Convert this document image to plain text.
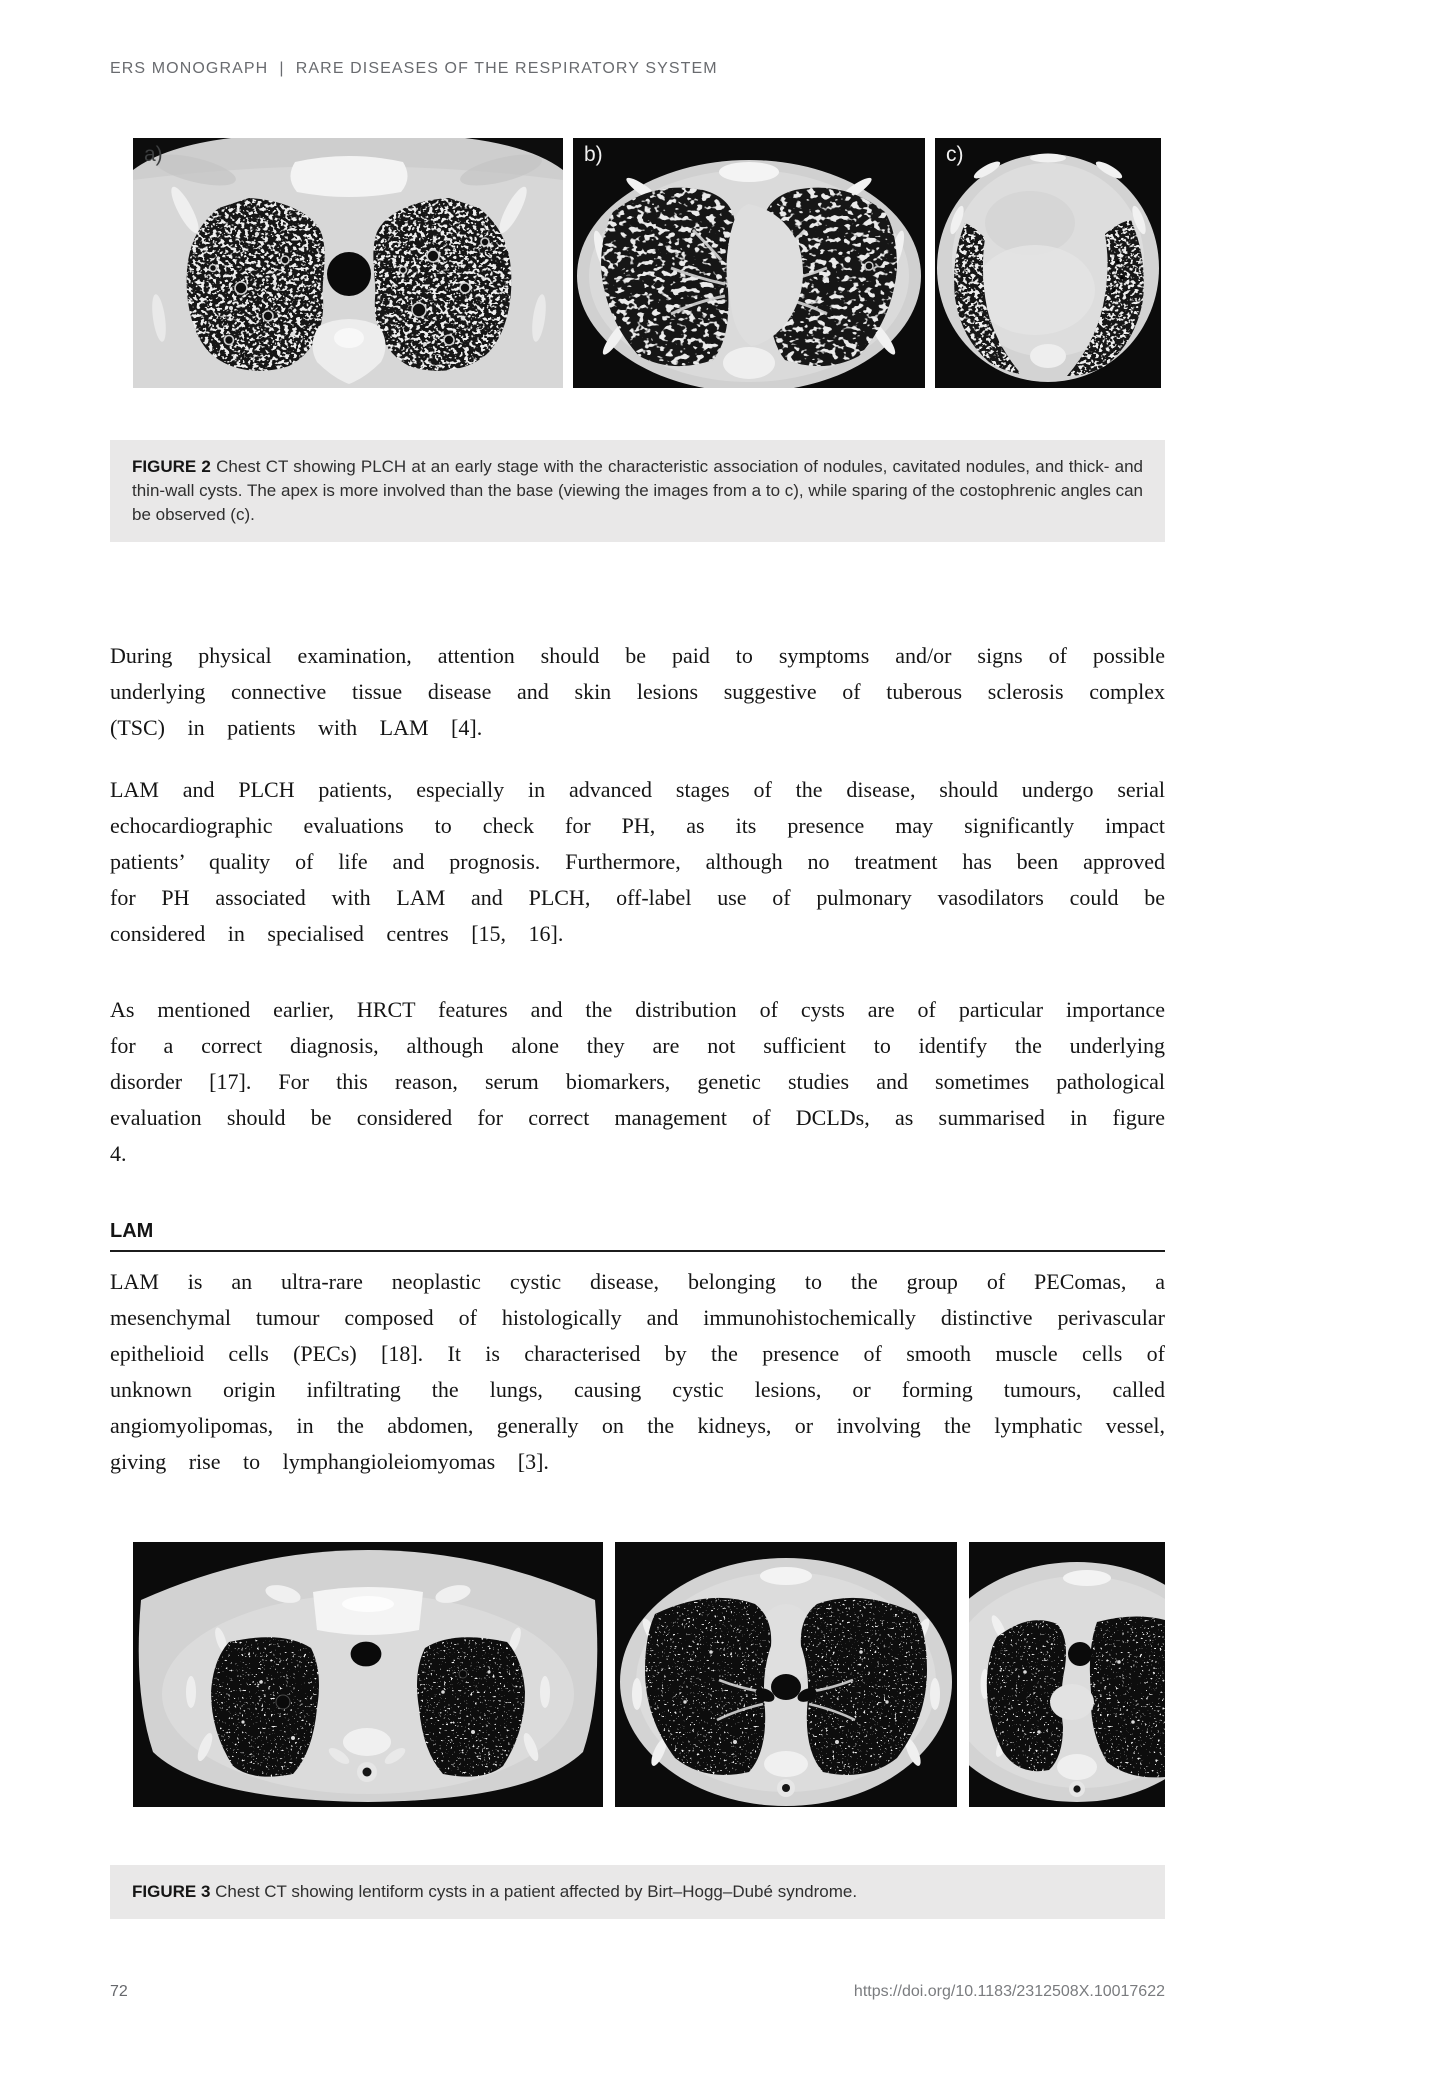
ERS MONOGRAPH  |  RARE DISEASES OF THE RESPIRATORY SYSTEM
a)	b)	c)
FIGURE 2 Chest CT showing PLCH at an early stage with the characteristic association of nodules, cavitated nodules, and thick- and thin-wall cysts. The apex is more involved than the base (viewing the images from a to c), while sparing of the costophrenic angles can be observed (c).

During physical examination, attention should be paid to symptoms and/or signs of possible underlying connective tissue disease and skin lesions suggestive of tuberous sclerosis complex (TSC) in patients with LAM [4].

LAM and PLCH patients, especially in advanced stages of the disease, should undergo serial echocardiographic evaluations to check for PH, as its presence may significantly impact patients’ quality of life and prognosis. Furthermore, although no treatment has been approved for PH associated with LAM and PLCH, off-label use of pulmonary vasodilators could be considered in specialised centres [15, 16].

As mentioned earlier, HRCT features and the distribution of cysts are of particular importance for a correct diagnosis, although alone they are not sufficient to identify the underlying disorder [17]. For this reason, serum biomarkers, genetic studies and sometimes pathological evaluation should be considered for correct management of DCLDs, as summarised in figure 4.

LAM

LAM is an ultra-rare neoplastic cystic disease, belonging to the group of PEComas, a mesenchymal tumour composed of histologically and immunohistochemically distinctive perivascular epithelioid cells (PECs) [18]. It is characterised by the presence of smooth muscle cells of unknown origin infiltrating the lungs, causing cystic lesions, or forming tumours, called angiomyolipomas, in the abdomen, generally on the kidneys, or involving the lymphatic vessel, giving rise to lymphangioleiomyomas [3].

FIGURE 3 Chest CT showing lentiform cysts in a patient affected by Birt–Hogg–Dubé syndrome.
72	https://doi.org/10.1183/2312508X.10017622
